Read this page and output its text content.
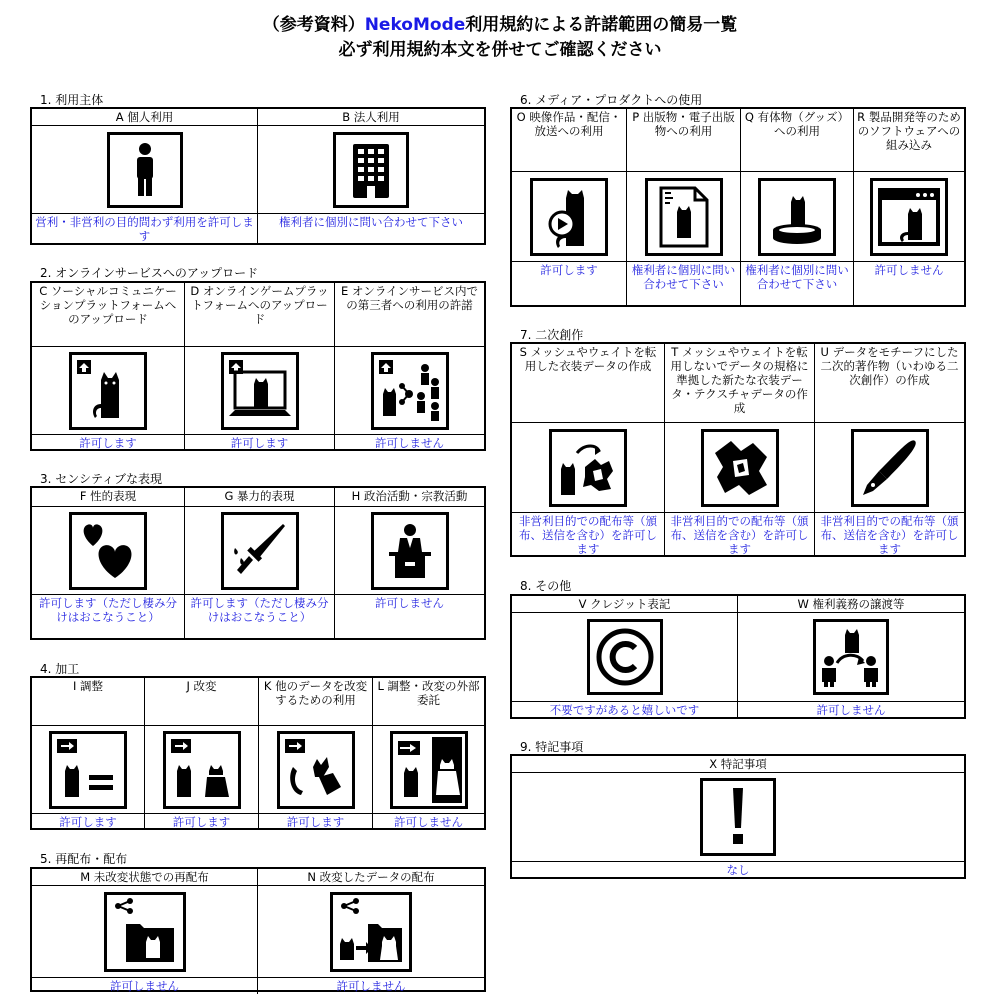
（参考資料）NekoMode利用規約による許諾範囲の簡易一覧
必ず利用規約本文を併せてご確認ください
1. 利用主体
A 個人利用
営利・非営利の目的問わず利用を許可します
B 法人利用
権利者に個別に問い合わせて下さい
2. オンラインサービスへのアップロード
C ソーシャルコミュニケーションプラットフォームへのアップロード
許可します
D オンラインゲームプラットフォームへのアップロード
許可します
E オンラインサービス内での第三者への利用の許諾
許可しません
3. センシティブな表現
F 性的表現
許可します（ただし棲み分けはおこなうこと）
G 暴力的表現
許可します（ただし棲み分けはおこなうこと）
H 政治活動・宗教活動
許可しません
4. 加工
I 調整
許可します
J 改変
許可します
K 他のデータを改変するための利用
許可します
L 調整・改変の外部委託
許可しません
5. 再配布・配布
M 未改変状態での再配布
許可しません
N 改変したデータの配布
許可しません
6. メディア・プロダクトへの使用
O 映像作品・配信・放送への利用
許可します
P 出版物・電子出版物への利用
権利者に個別に問い合わせて下さい
Q 有体物（グッズ）への利用
権利者に個別に問い合わせて下さい
R 製品開発等のためのソフトウェアへの組み込み
許可しません
7. 二次創作
S メッシュやウェイトを転用した衣装データの作成
非営利目的での配布等（頒布、送信を含む）を許可します
T メッシュやウェイトを転用しないでデータの規格に準拠した新たな衣装データ・テクスチャデータの作成
非営利目的での配布等（頒布、送信を含む）を許可します
U データをモチーフにした二次的著作物（いわゆる二次創作）の作成
非営利目的での配布等（頒布、送信を含む）を許可します
8. その他
V クレジット表記
不要ですがあると嬉しいです
W 権利義務の譲渡等
許可しません
9. 特記事項
X 特記事項
なし
